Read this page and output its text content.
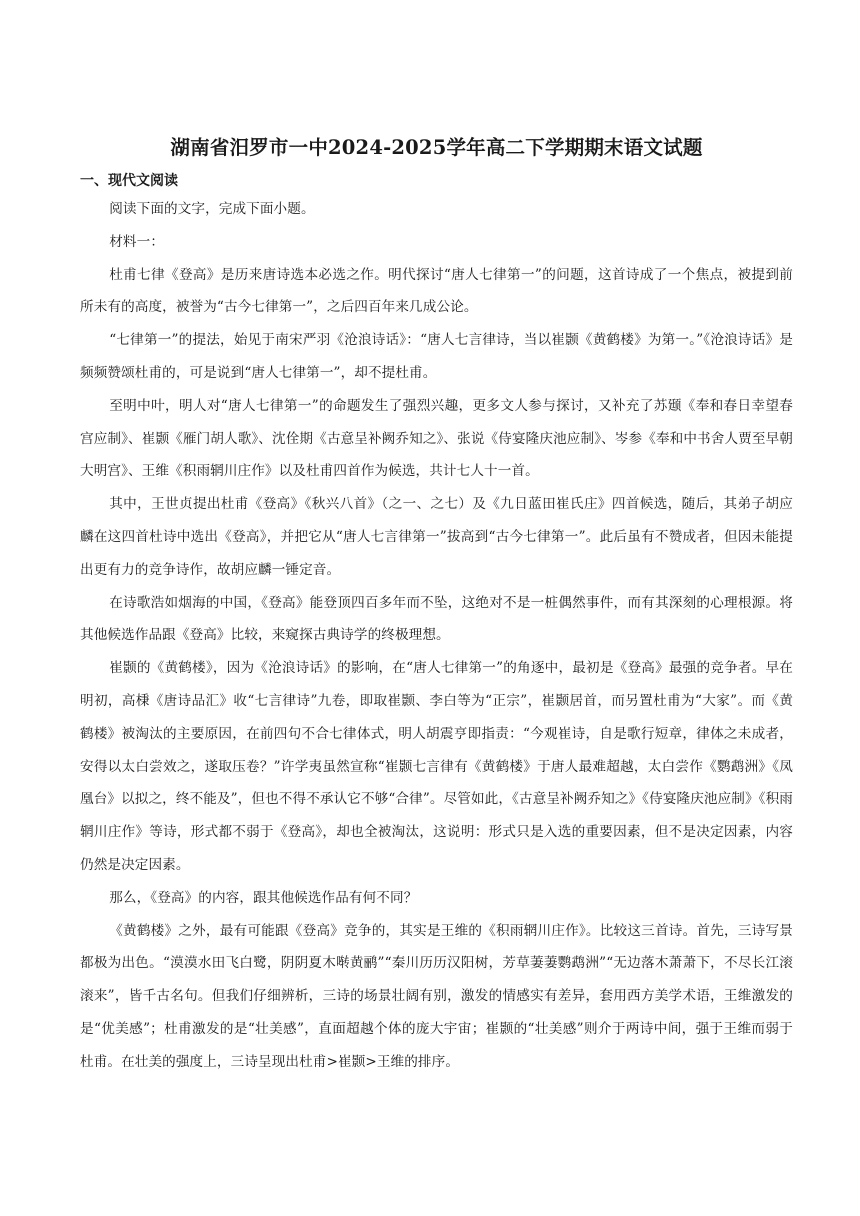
湖南省汨罗市一中2024-2025学年高二下学期期末语文试题
一、现代文阅读

阅读下面的文字，完成下面小题。

材料一：

杜甫七律《登高》是历来唐诗选本必选之作。明代探讨“唐人七律第一”的问题，这首诗成了一个焦点，被提到前所未有的高度，被誉为“古今七律第一”，之后四百年来几成公论。

“七律第一”的提法，始见于南宋严羽《沧浪诗话》：“唐人七言律诗，当以崔颢《黄鹤楼》为第一。”《沧浪诗话》是频频赞颂杜甫的，可是说到“唐人七律第一”，却不提杜甫。

至明中叶，明人对“唐人七律第一”的命题发生了强烈兴趣，更多文人参与探讨，又补充了苏颋《奉和春日幸望春宫应制》、崔颢《雁门胡人歌》、沈佺期《古意呈补阙乔知之》、张说《侍宴隆庆池应制》、岑参《奉和中书舍人贾至早朝大明宫》、王维《积雨辋川庄作》以及杜甫四首作为候选，共计七人十一首。

其中，王世贞提出杜甫《登高》《秋兴八首》（之一、之七）及《九日蓝田崔氏庄》四首候选，随后，其弟子胡应麟在这四首杜诗中选出《登高》，并把它从“唐人七言律第一”拔高到“古今七律第一”。此后虽有不赞成者，但因未能提出更有力的竞争诗作，故胡应麟一锤定音。

在诗歌浩如烟海的中国，《登高》能登顶四百多年而不坠，这绝对不是一桩偶然事件，而有其深刻的心理根源。将其他候选作品跟《登高》比较，来窥探古典诗学的终极理想。

崔颢的《黄鹤楼》，因为《沧浪诗话》的影响，在“唐人七律第一”的角逐中，最初是《登高》最强的竞争者。早在明初，高棅《唐诗品汇》收“七言律诗”九卷，即取崔颢、李白等为“正宗”，崔颢居首，而另置杜甫为“大家”。而《黄鹤楼》被淘汰的主要原因，在前四句不合七律体式，明人胡震亨即指责：“今观崔诗，自是歌行短章，律体之未成者，安得以太白尝效之，遂取压卷？”许学夷虽然宣称“崔颢七言律有《黄鹤楼》于唐人最难超越，太白尝作《鹦鹉洲》《凤凰台》以拟之，终不能及”，但也不得不承认它不够“合律”。尽管如此，《古意呈补阙乔知之》《侍宴隆庆池应制》《积雨辋川庄作》等诗，形式都不弱于《登高》，却也全被淘汰，这说明：形式只是入选的重要因素，但不是决定因素，内容仍然是决定因素。

那么，《登高》的内容，跟其他候选作品有何不同？

《黄鹤楼》之外，最有可能跟《登高》竞争的，其实是王维的《积雨辋川庄作》。比较这三首诗。首先，三诗写景都极为出色。“漠漠水田飞白鹭，阴阴夏木啭黄鹂”“秦川历历汉阳树，芳草萋萋鹦鹉洲”“无边落木萧萧下，不尽长江滚滚来”，皆千古名句。但我们仔细辨析，三诗的场景壮阔有别，激发的情感实有差异，套用西方美学术语，王维激发的是“优美感”；杜甫激发的是“壮美感”，直面超越个体的庞大宇宙；崔颢的“壮美感”则介于两诗中间，强于王维而弱于杜甫。在壮美的强度上，三诗呈现出杜甫>崔颢>王维的排序。
